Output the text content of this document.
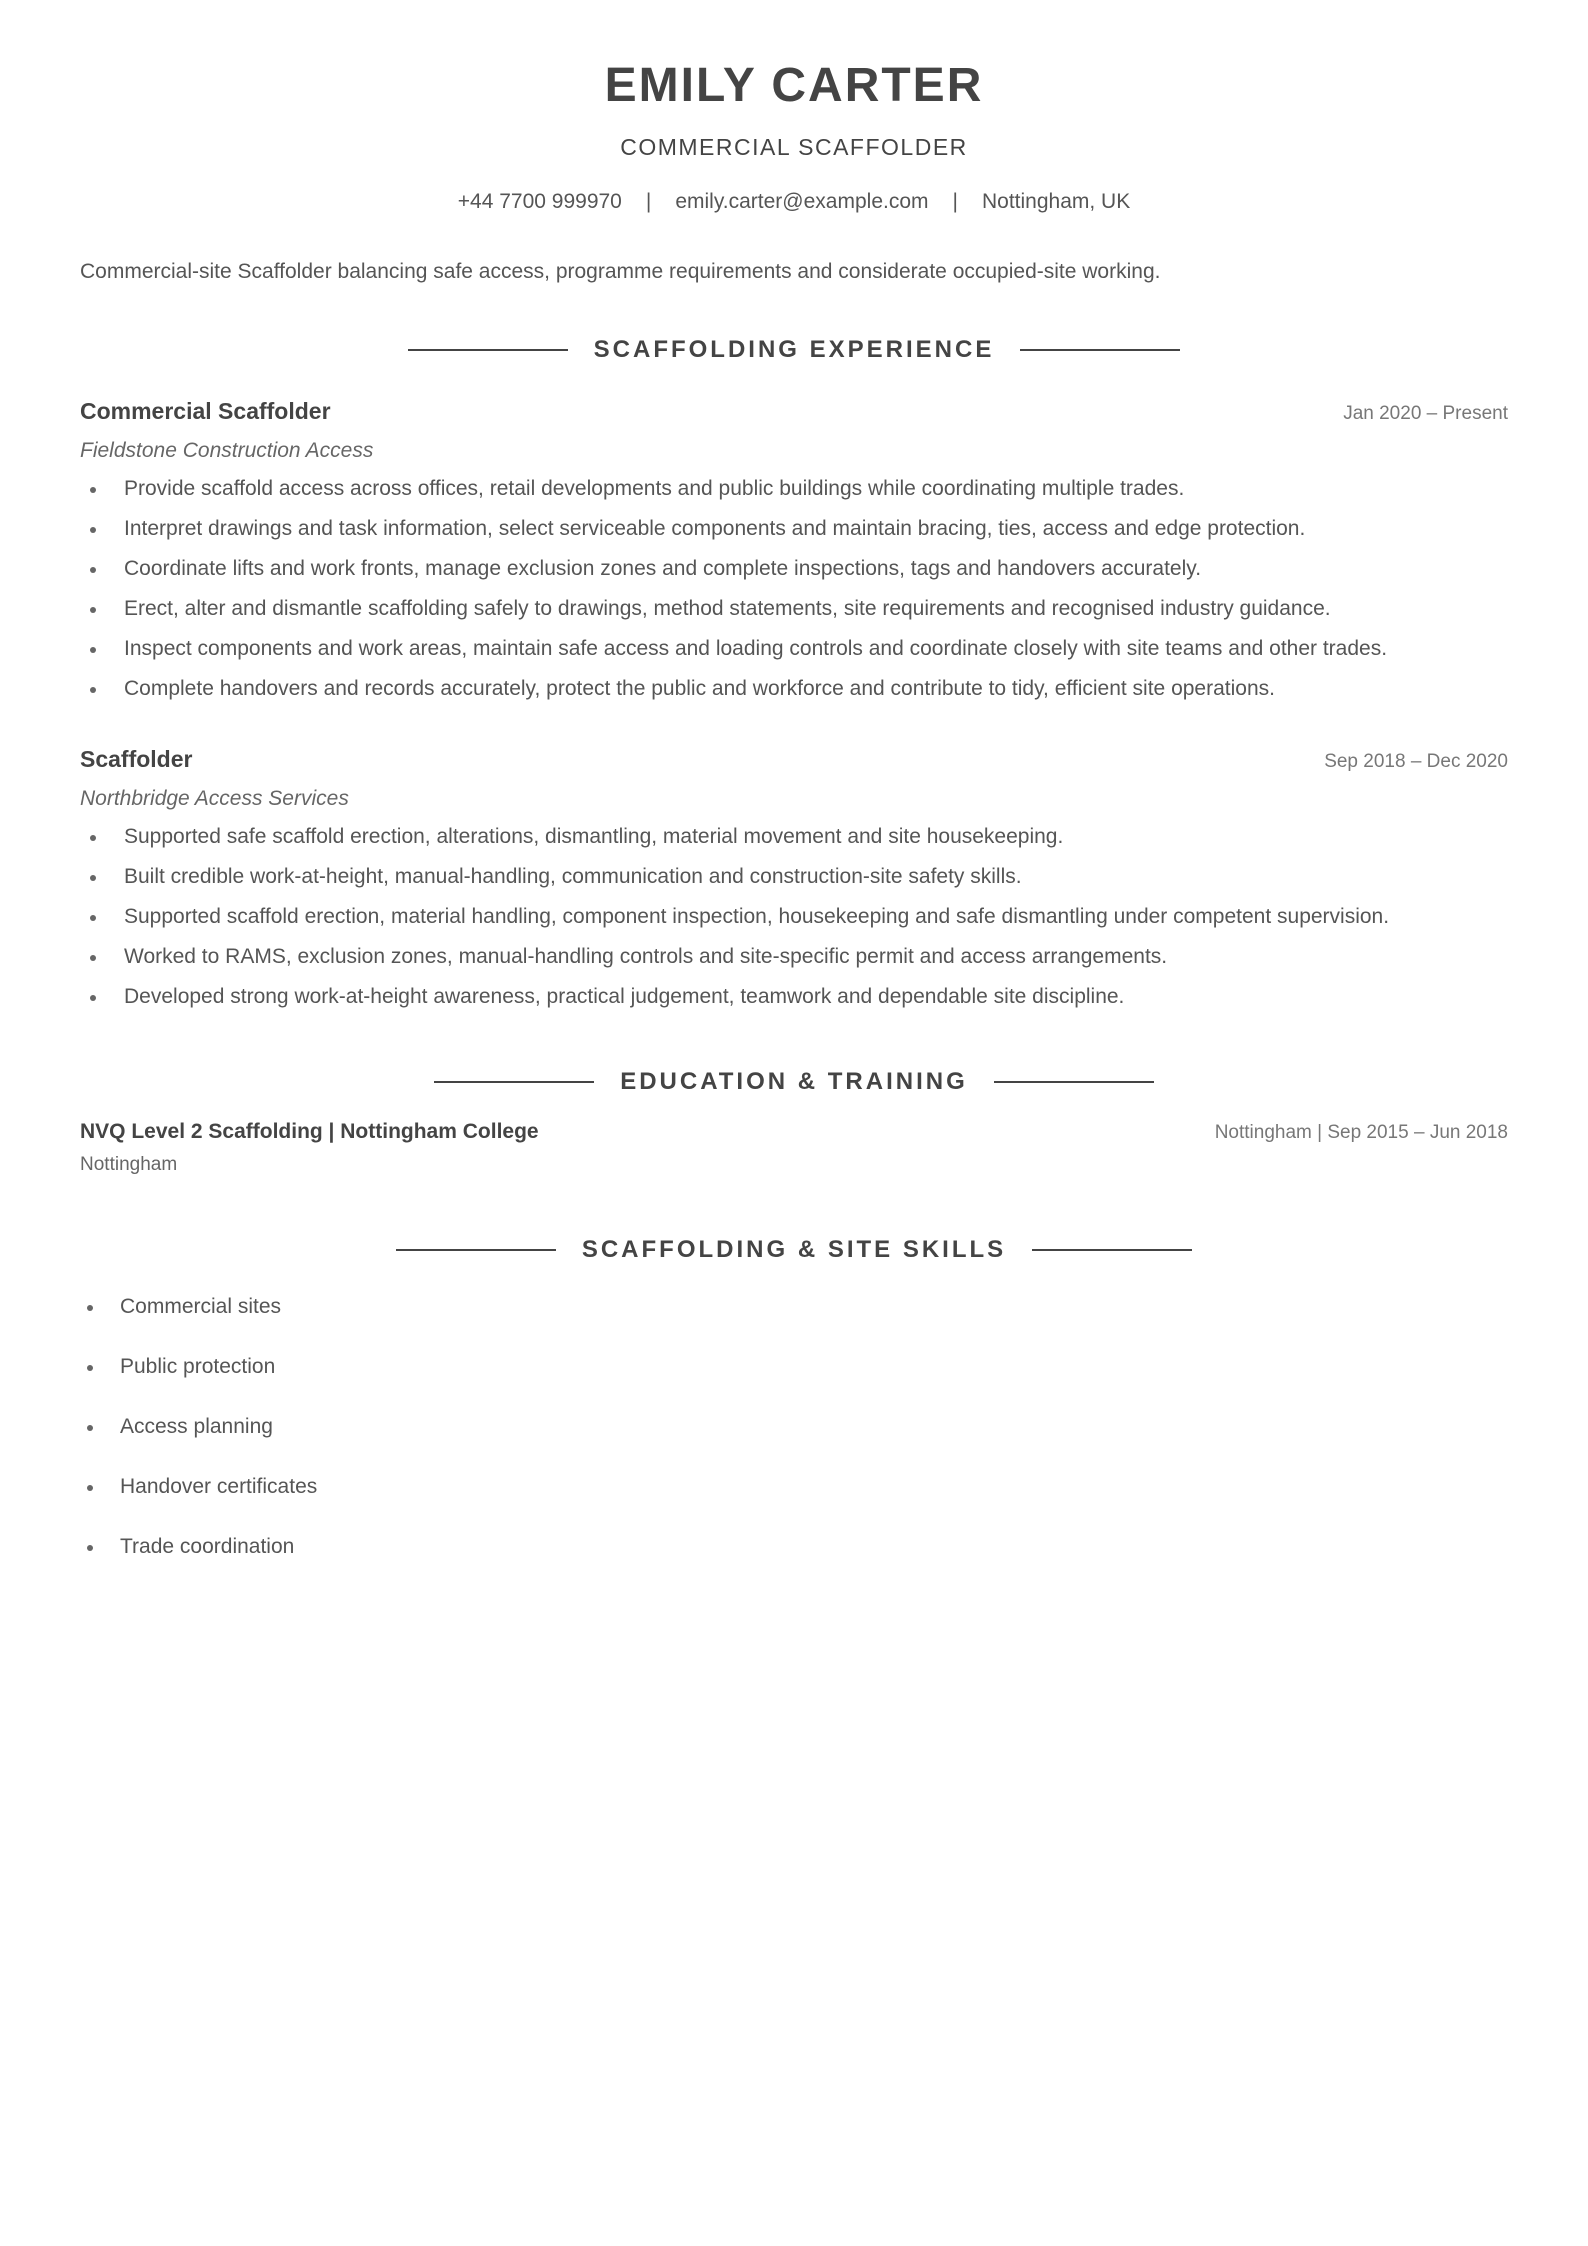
EMILY CARTER
COMMERCIAL SCAFFOLDER
+44 7700 999970 | emily.carter@example.com | Nottingham, UK

Commercial-site Scaffolder balancing safe access, programme requirements and considerate occupied-site working.

SCAFFOLDING EXPERIENCE
Commercial Scaffolder	Jan 2020 – Present
Fieldstone Construction Access
Provide scaffold access across offices, retail developments and public buildings while coordinating multiple trades.
Interpret drawings and task information, select serviceable components and maintain bracing, ties, access and edge protection.
Coordinate lifts and work fronts, manage exclusion zones and complete inspections, tags and handovers accurately.
Erect, alter and dismantle scaffolding safely to drawings, method statements, site requirements and recognised industry guidance.
Inspect components and work areas, maintain safe access and loading controls and coordinate closely with site teams and other trades.
Complete handovers and records accurately, protect the public and workforce and contribute to tidy, efficient site operations.
Scaffolder	Sep 2018 – Dec 2020
Northbridge Access Services
Supported safe scaffold erection, alterations, dismantling, material movement and site housekeeping.
Built credible work-at-height, manual-handling, communication and construction-site safety skills.
Supported scaffold erection, material handling, component inspection, housekeeping and safe dismantling under competent supervision.
Worked to RAMS, exclusion zones, manual-handling controls and site-specific permit and access arrangements.
Developed strong work-at-height awareness, practical judgement, teamwork and dependable site discipline.
EDUCATION & TRAINING
NVQ Level 2 Scaffolding | Nottingham College	Nottingham | Sep 2015 – Jun 2018
Nottingham
SCAFFOLDING & SITE SKILLS
Commercial sites
Public protection
Access planning
Handover certificates
Trade coordination
